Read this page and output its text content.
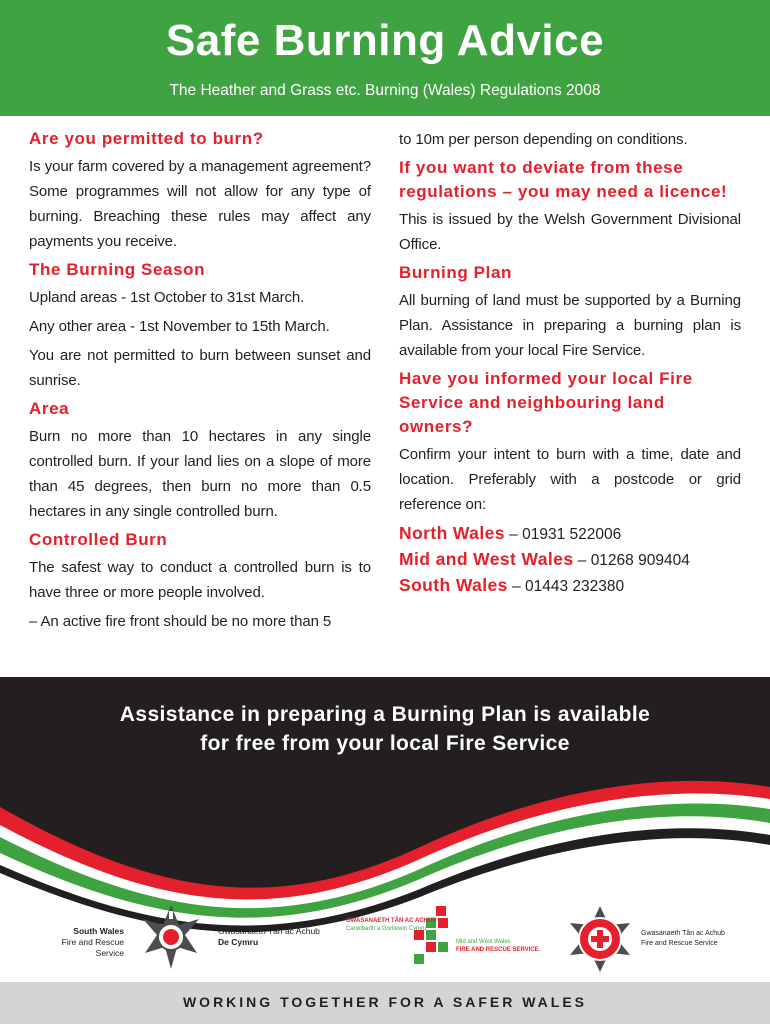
Safe Burning Advice
The Heather and Grass etc. Burning (Wales) Regulations 2008
Are you permitted to burn?
Is your farm covered by a management agreement? Some programmes will not allow for any type of burning. Breaching these rules may affect any payments you receive.
The Burning Season
Upland areas - 1st October to 31st March.
Any other area - 1st November to 15th March.
You are not permitted to burn between sunset and sunrise.
Area
Burn no more than 10 hectares in any single controlled burn. If your land lies on a slope of more than 45 degrees, then burn no more than 0.5 hectares in any single controlled burn.
Controlled Burn
The safest way to conduct a controlled burn is to have three or more people involved.
– An active fire front should be no more than 5
to 10m per person depending on conditions.
If you want to deviate from these regulations – you may need a licence!
This is issued by the Welsh Government Divisional Office.
Burning Plan
All burning of land must be supported by a Burning Plan. Assistance in preparing a burning plan is available from your local Fire Service.
Have you informed your local Fire Service and neighbouring land owners?
Confirm your intent to burn with a time, date and location. Preferably with a postcode or grid reference on:
North Wales – 01931 522006
Mid and West Wales – 01268 909404
South Wales – 01443 232380
Assistance in preparing a Burning Plan is available
for free from your local Fire Service
South Wales
Fire and Rescue Service
Gwasanaeth Tân ac Achub
De Cymru
GWASANAETH TÂN AC ACHUB
Canolbarth a Gorllewin Cymru
Mid and West Wales
FIRE AND RESCUE SERVICE
Gwasanaeth Tân ac Achub
Fire and Rescue Service
WORKING TOGETHER FOR A SAFER WALES
